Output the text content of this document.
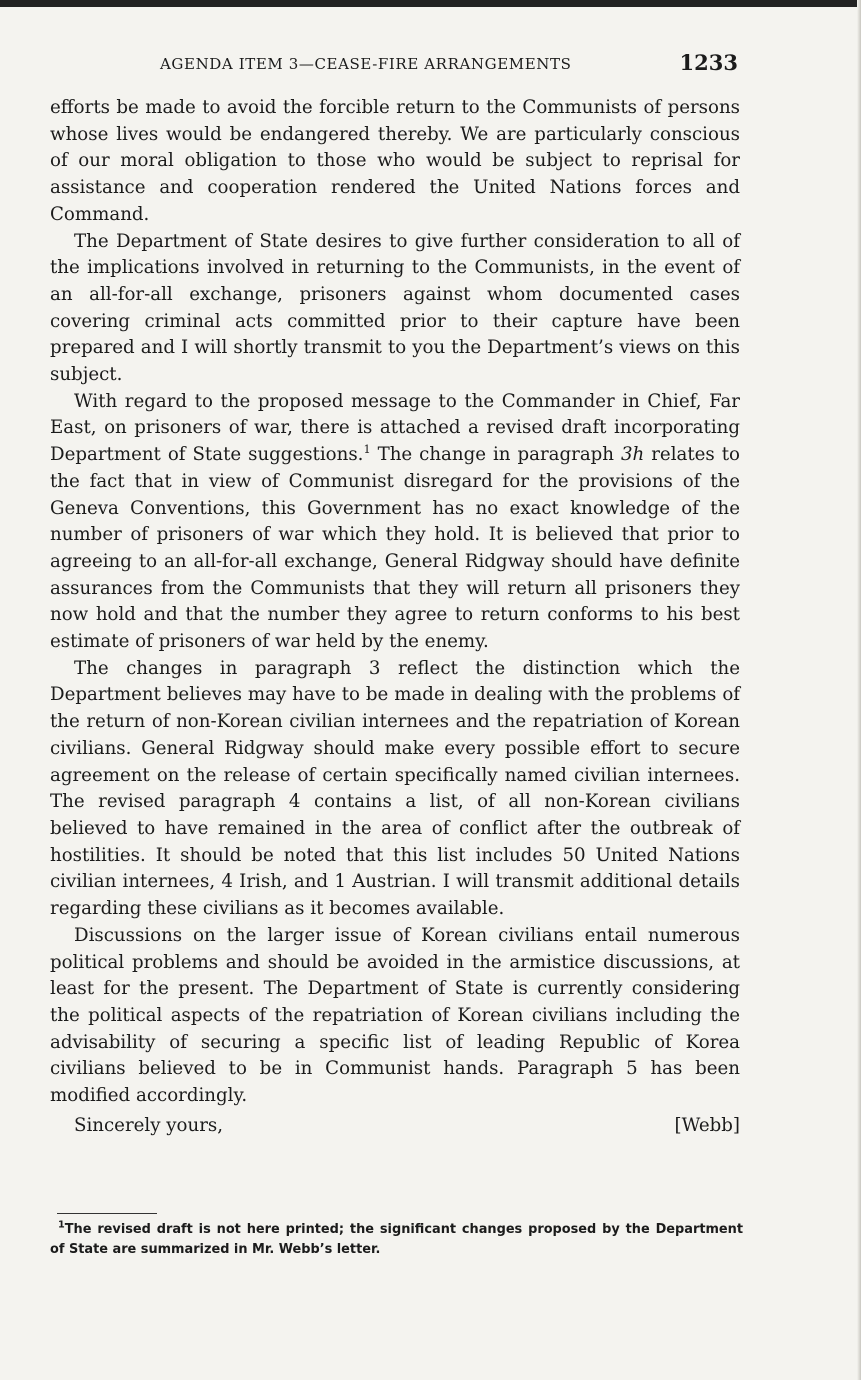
AGENDA ITEM 3—CEASE-FIRE ARRANGEMENTS	1233

efforts be made to avoid the forcible return to the Communists of persons whose lives would be endangered thereby. We are particularly conscious of our moral obligation to those who would be subject to reprisal for assistance and cooperation rendered the United Nations forces and Command.

The Department of State desires to give further consideration to all of the implications involved in returning to the Communists, in the event of an all-for-all exchange, prisoners against whom documented cases covering criminal acts committed prior to their capture have been prepared and I will shortly transmit to you the Department’s views on this subject.

With regard to the proposed message to the Commander in Chief, Far East, on prisoners of war, there is attached a revised draft incorporating Department of State suggestions.$^1$ The change in paragraph 3h relates to the fact that in view of Communist disregard for the provisions of the Geneva Conventions, this Government has no exact knowledge of the number of prisoners of war which they hold. It is believed that prior to agreeing to an all-for-all exchange, General Ridgway should have definite assurances from the Communists that they will return all prisoners they now hold and that the number they agree to return conforms to his best estimate of prisoners of war held by the enemy.

The changes in paragraph 3 reflect the distinction which the Department believes may have to be made in dealing with the problems of the return of non-Korean civilian internees and the repatriation of Korean civilians. General Ridgway should make every possible effort to secure agreement on the release of certain specifically named civilian internees. The revised paragraph 4 contains a list, of all non-Korean civilians believed to have remained in the area of conflict after the outbreak of hostilities. It should be noted that this list includes 50 United Nations civilian internees, 4 Irish, and 1 Austrian. I will transmit additional details regarding these civilians as it becomes available.

Discussions on the larger issue of Korean civilians entail numerous political problems and should be avoided in the armistice discussions, at least for the present. The Department of State is currently considering the political aspects of the repatriation of Korean civilians including the advisability of securing a specific list of leading Republic of Korea civilians believed to be in Communist hands. Paragraph 5 has been modified accordingly.

Sincerely yours,	[Webb]

$^1$The revised draft is not here printed; the significant changes proposed by the Department of State are summarized in Mr. Webb’s letter.
